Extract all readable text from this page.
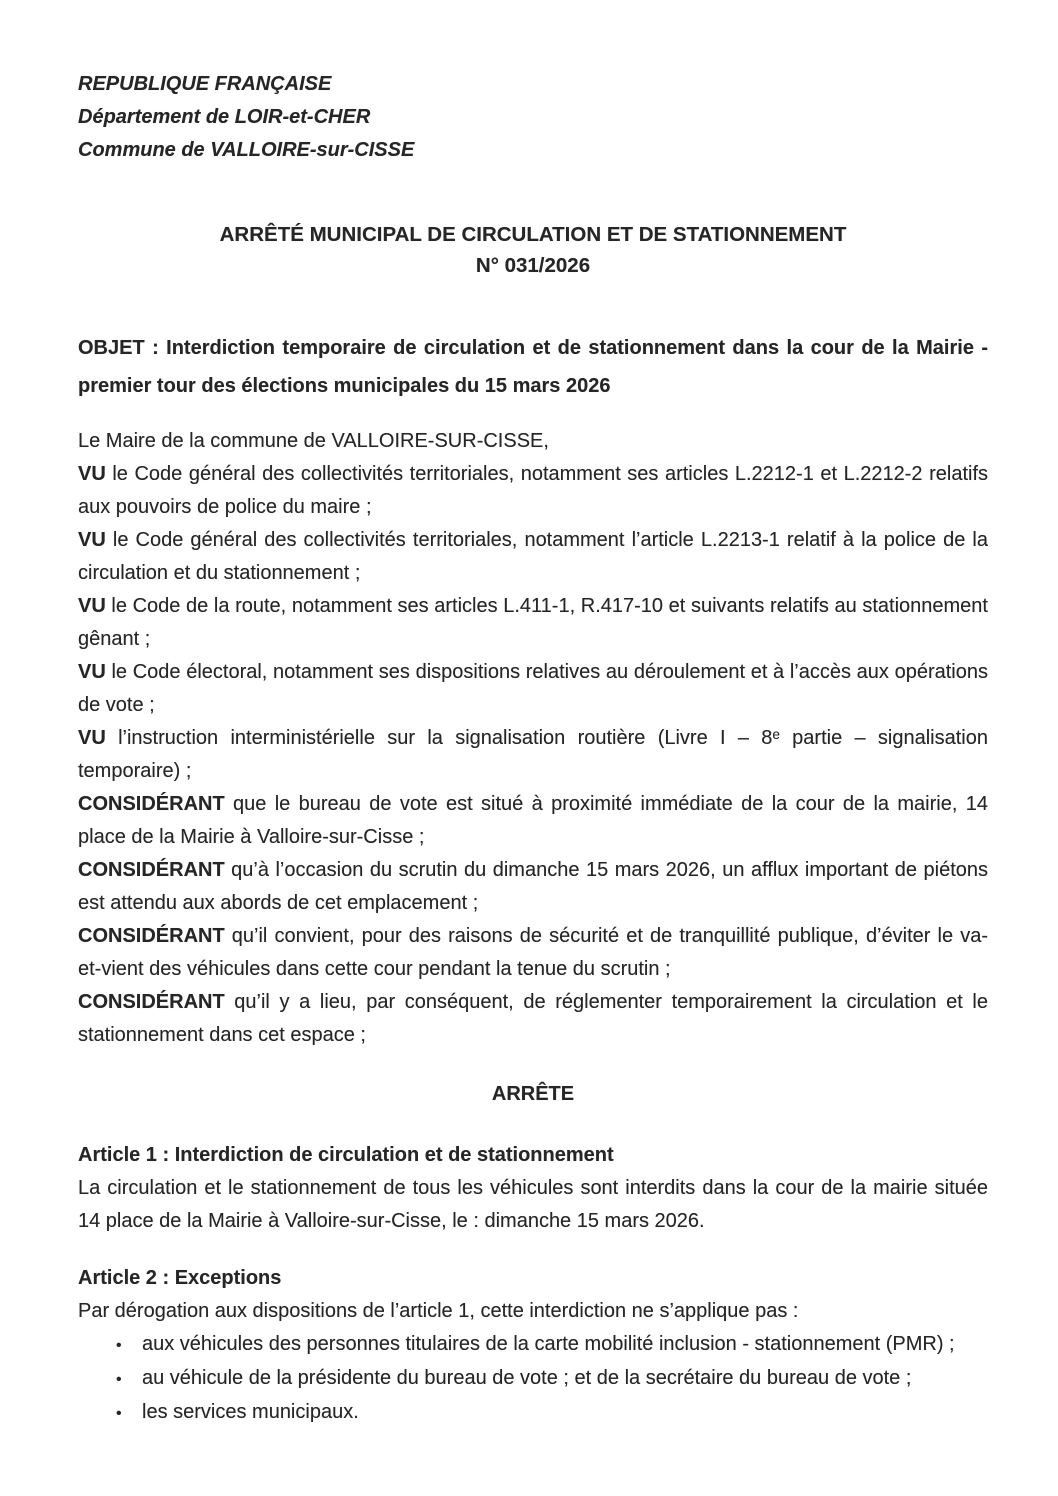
REPUBLIQUE FRANÇAISE
Département de LOIR-et-CHER
Commune de VALLOIRE-sur-CISSE
ARRÊTÉ MUNICIPAL DE CIRCULATION ET DE STATIONNEMENT
N° 031/2026

OBJET : Interdiction temporaire de circulation et de stationnement dans la cour de la Mairie - premier tour des élections municipales du 15 mars 2026

Le Maire de la commune de VALLOIRE-SUR-CISSE,

VU le Code général des collectivités territoriales, notamment ses articles L.2212-1 et L.2212-2 relatifs aux pouvoirs de police du maire ;

VU le Code général des collectivités territoriales, notamment l’article L.2213-1 relatif à la police de la circulation et du stationnement ;

VU le Code de la route, notamment ses articles L.411-1, R.417-10 et suivants relatifs au stationnement gênant ;

VU le Code électoral, notamment ses dispositions relatives au déroulement et à l’accès aux opérations de vote ;

VU l’instruction interministérielle sur la signalisation routière (Livre I – 8ᵉ partie – signalisation temporaire) ;

CONSIDÉRANT que le bureau de vote est situé à proximité immédiate de la cour de la mairie, 14 place de la Mairie à Valloire-sur-Cisse ;

CONSIDÉRANT qu’à l’occasion du scrutin du dimanche 15 mars 2026, un afflux important de piétons est attendu aux abords de cet emplacement ;

CONSIDÉRANT qu’il convient, pour des raisons de sécurité et de tranquillité publique, d’éviter le va-et-vient des véhicules dans cette cour pendant la tenue du scrutin ;

CONSIDÉRANT qu’il y a lieu, par conséquent, de réglementer temporairement la circulation et le stationnement dans cet espace ;

ARRÊTE

Article 1 : Interdiction de circulation et de stationnement

La circulation et le stationnement de tous les véhicules sont interdits dans la cour de la mairie située 14 place de la Mairie à Valloire-sur-Cisse, le : dimanche 15 mars 2026.

Article 2 : Exceptions

Par dérogation aux dispositions de l’article 1, cette interdiction ne s’applique pas :

•	aux véhicules des personnes titulaires de la carte mobilité inclusion - stationnement (PMR) ;
•	au véhicule de la présidente du bureau de vote ; et de la secrétaire du bureau de vote ;
•	les services municipaux.
